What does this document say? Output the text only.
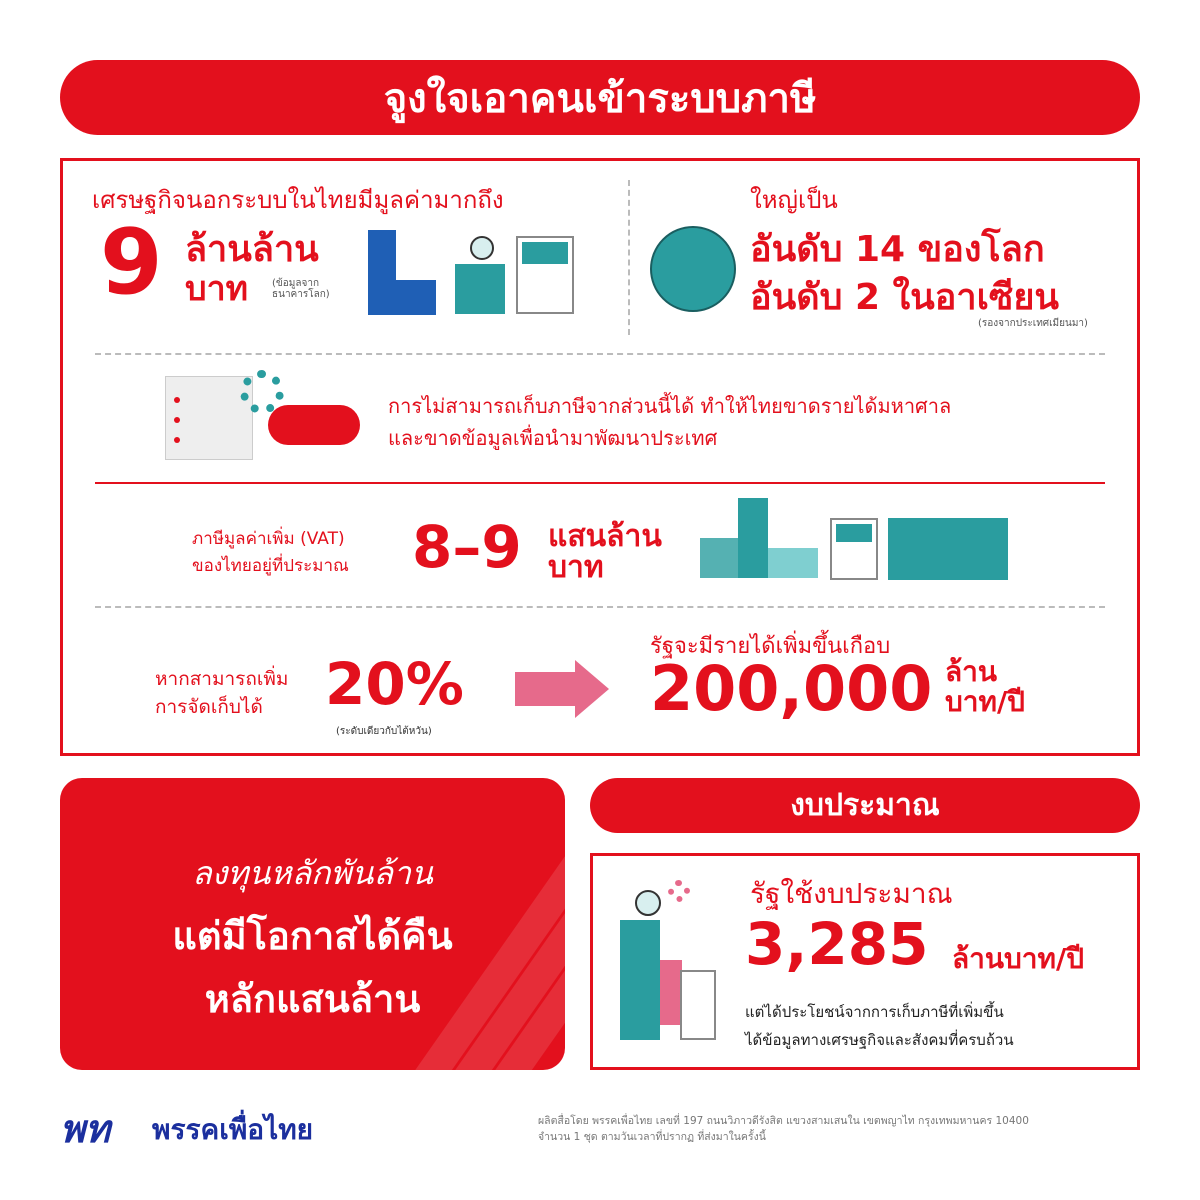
จูงใจเอาคนเข้าระบบภาษี
เศรษฐกิจนอกระบบในไทยมีมูลค่ามากถึง
9 ล้านล้าน
บาท (ข้อมูลจาก ธนาคารโลก)
ใหญ่เป็น
อันดับ 14 ของโลก
อันดับ 2 ในอาเซียน
(รองจากประเทศเมียนมา)
การไม่สามารถเก็บภาษีจากส่วนนี้ได้ ทำให้ไทยขาดรายได้มหาศาล
และขาดข้อมูลเพื่อนำมาพัฒนาประเทศ
ภาษีมูลค่าเพิ่ม (VAT)
ของไทยอยู่ที่ประมาณ 8–9 แสนล้าน
บาท
หากสามารถเพิ่ม
การจัดเก็บได้ 20%
(ระดับเดียวกับไต้หวัน)
รัฐจะมีรายได้เพิ่มขึ้นเกือบ
200,000 ล้าน
บาท/ปี
ลงทุนหลักพันล้าน
แต่มีโอกาสได้คืน
หลักแสนล้าน
งบประมาณ
รัฐใช้งบประมาณ
3,285 ล้านบาท/ปี
แต่ได้ประโยชน์จากการเก็บภาษีที่เพิ่มขึ้น
ได้ข้อมูลทางเศรษฐกิจและสังคมที่ครบถ้วน
พท พรรคเพื่อไทย	ผลิตสื่อโดย พรรคเพื่อไทย เลขที่ 197 ถนนวิภาวดีรังสิต แขวงสามเสนใน เขตพญาไท กรุงเทพมหานคร 10400
จำนวน 1 ชุด ตามวันเวลาที่ปรากฏ ที่ส่งมาในครั้งนี้
